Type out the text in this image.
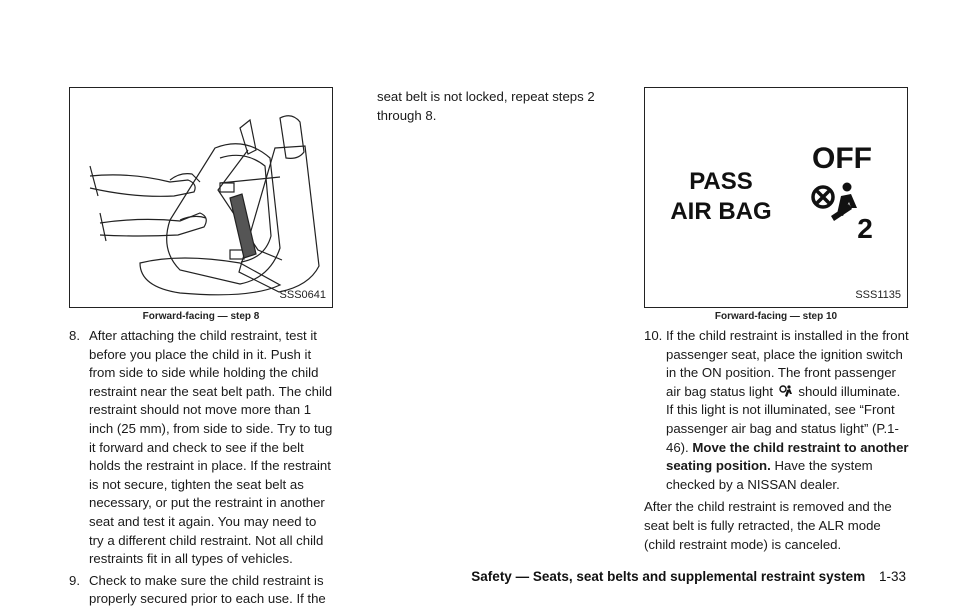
SSS0641
Forward-facing — step 8
8. After attaching the child restraint, test it before you place the child in it. Push it from side to side while holding the child restraint near the seat belt path. The child restraint should not move more than 1 inch (25 mm), from side to side. Try to tug it forward and check to see if the belt holds the restraint in place. If the restraint is not secure, tighten the seat belt as necessary, or put the restraint in another seat and test it again. You may need to try a different child restraint. Not all child restraints fit in all types of vehicles.
9. Check to make sure the child restraint is properly secured prior to each use. If the
seat belt is not locked, repeat steps 2 through 8.
PASS
AIR BAG
OFF
2
SSS1135
Forward-facing — step 10
10. If the child restraint is installed in the front passenger seat, place the ignition switch in the ON position. The front passenger air bag status light should illuminate. If this light is not illuminated, see “Front passenger air bag and status light” (P.1-46). Move the child restraint to another seating position. Have the system checked by a NISSAN dealer.
After the child restraint is removed and the seat belt is fully retracted, the ALR mode (child restraint mode) is canceled.
Safety — Seats, seat belts and supplemental restraint system 1-33
